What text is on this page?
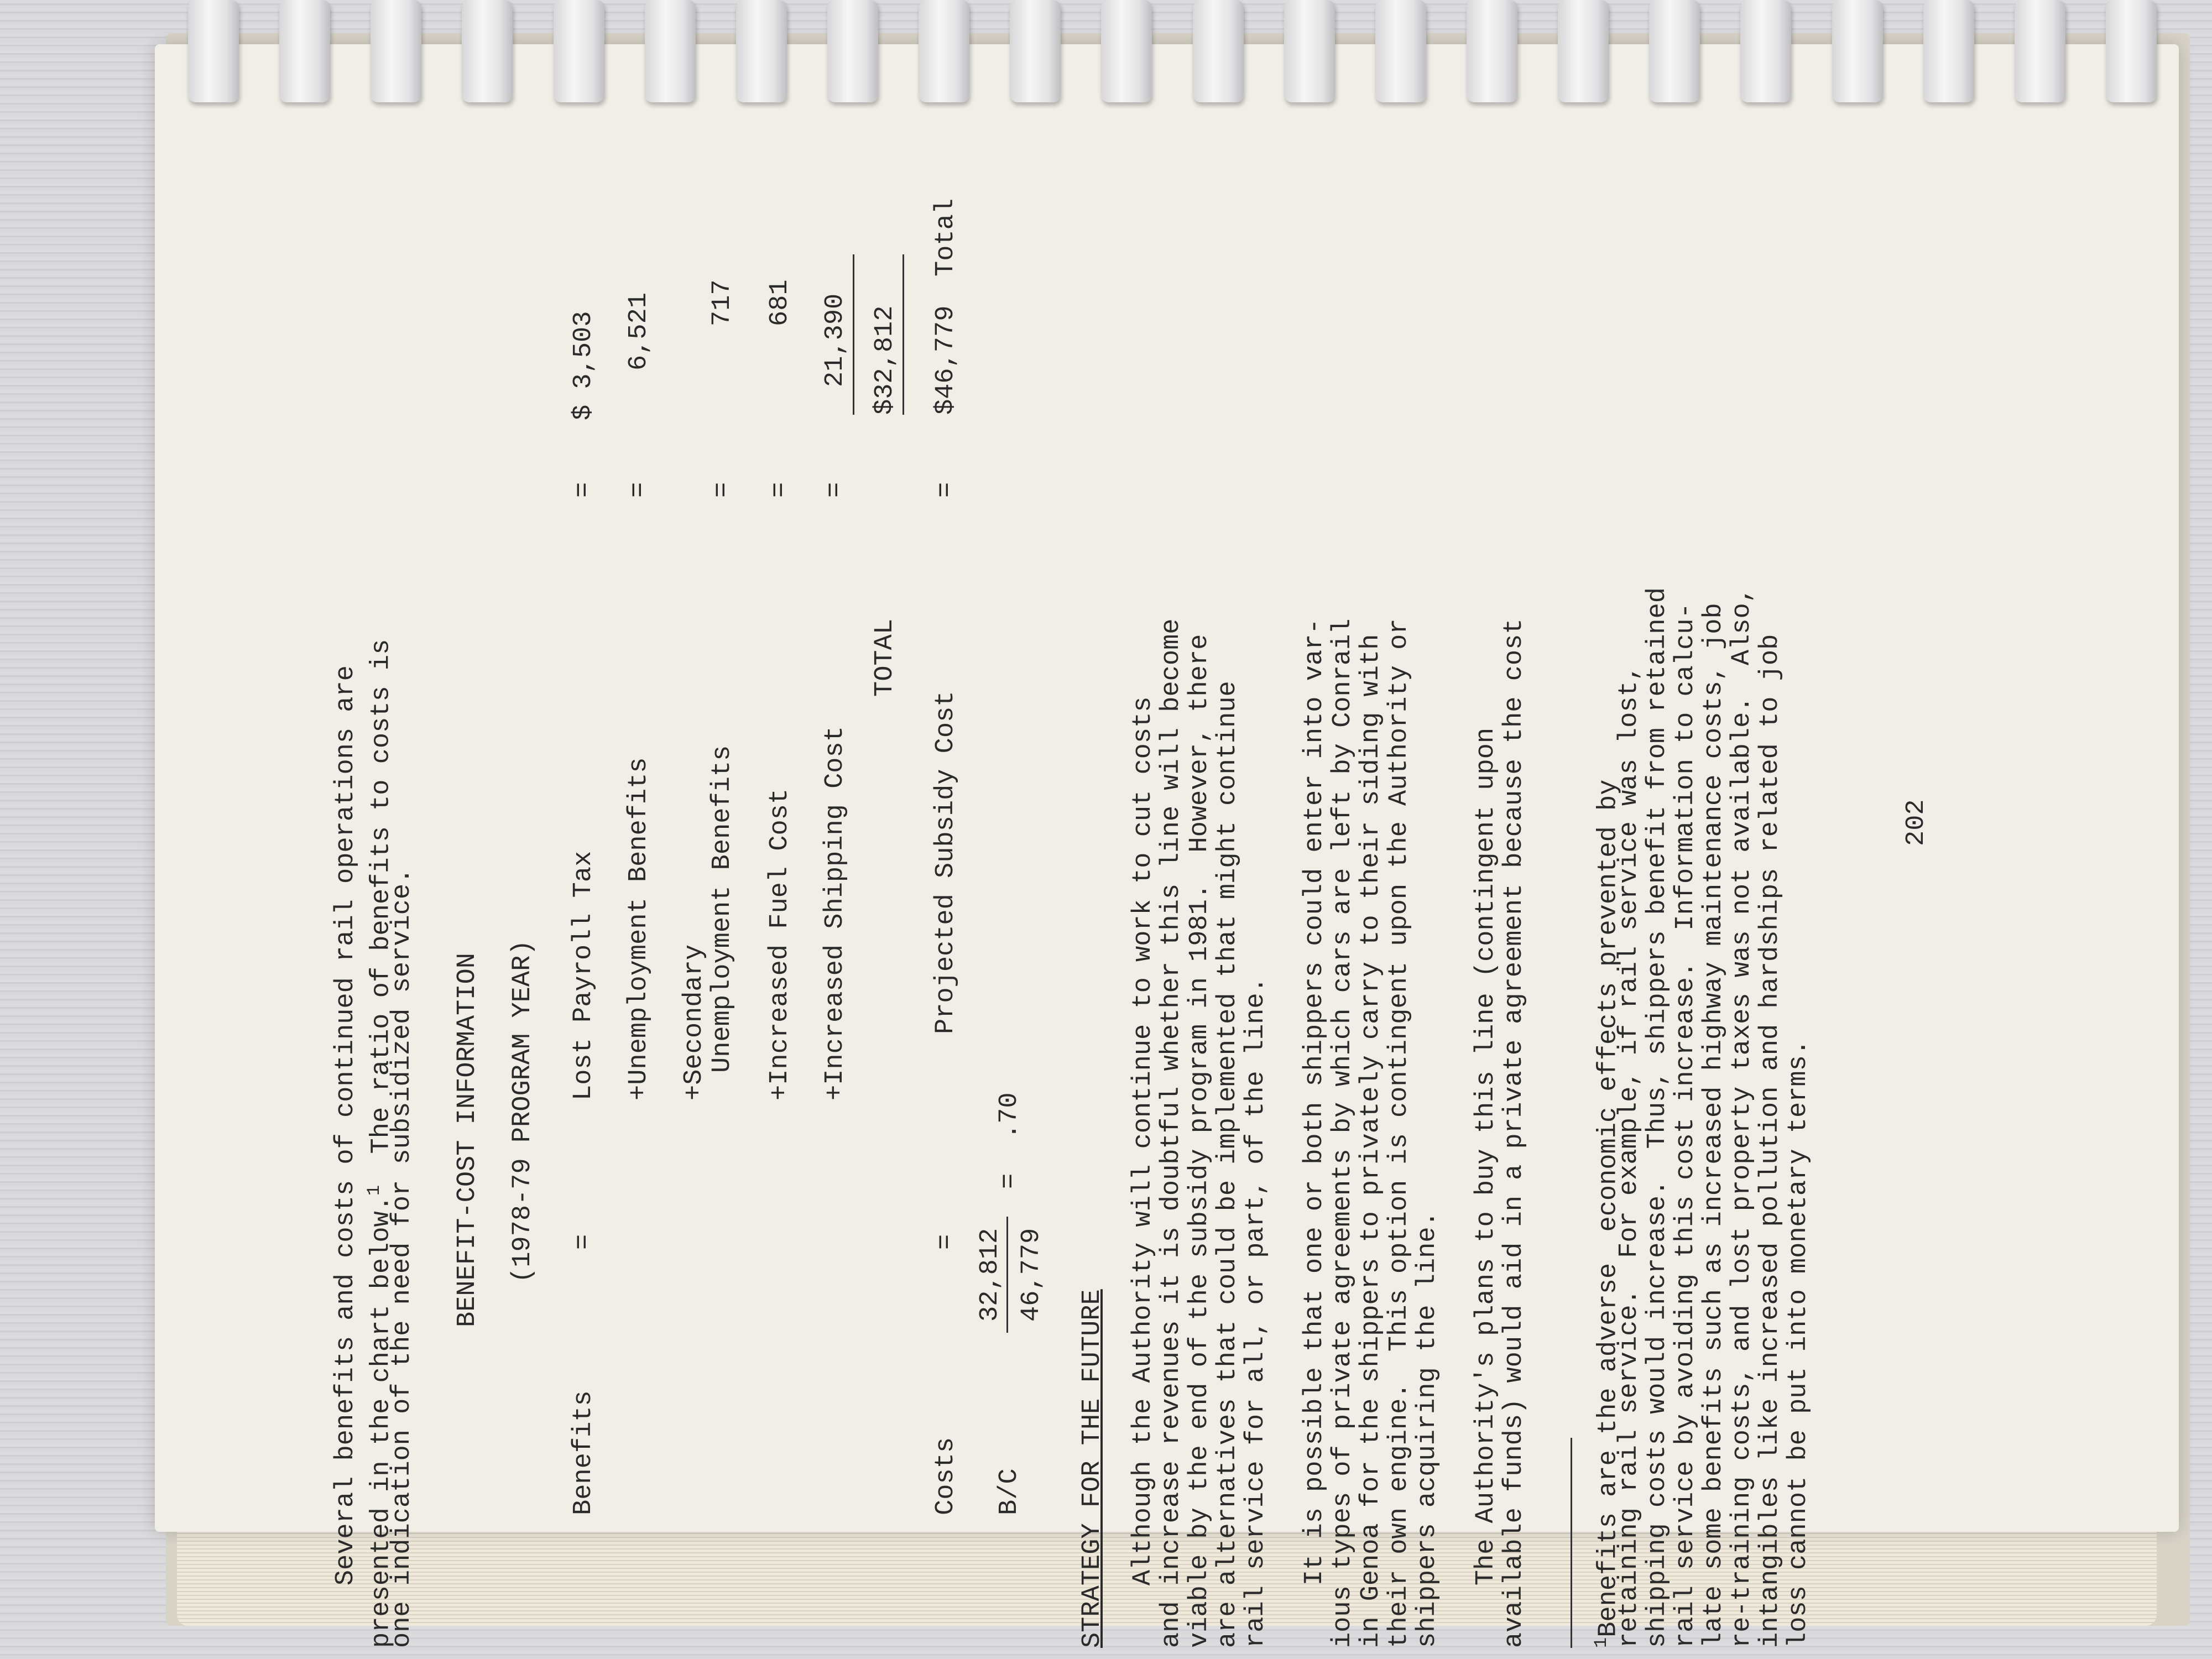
Several benefits and costs of continued rail operations are presented in the chart below.$^1$  The ratio of benefits to costs is
one indication of the need for subsidized service. BENEFIT-COST INFORMATION (1978-79 PROGRAM YEAR)
Benefits
=
Lost Payroll Tax
=
$ 3,503
+Unemployment Benefits
=
6,521
+Secondary
Unemployment Benefits
=
717
+Increased Fuel Cost
=
681
+Increased Shipping Cost
=
21,390
TOTAL
$32,812
Costs
=
Projected Subsidy Cost
=
$46,779
Total
B/C
32,812 46,779
=
.70
STRATEGY FOR THE FUTURE Although the Authority will continue to work to cut costs
and increase revenues it is doubtful whether this line will become
viable by the end of the subsidy program in 1981.  However, there
are alternatives that could be implemented that might continue
rail service for all, or part, of the line. It is possible that one or both shippers could enter into var-
ious types of private agreements by which cars are left by Conrail
in Genoa for the shippers to privately carry to their siding with
their own engine.  This option is contingent upon the Authority or
shippers acquiring the line. The Authority's plans to buy this line (contingent upon
available funds) would aid in a private agreement because the cost	$^1$Benefits are the adverse  economic effects prevented by
retaining rail service.  For example, if rail service was lost,
shipping costs would increase.  Thus, shippers benefit from retained
rail service by avoiding this cost increase.  Information to calcu-
late some benefits such as increased highway maintenance costs, job
re-training costs, and lost property taxes was not available.  Also,
intangibles like increased pollution and hardships related to job
loss cannot be put into monetary terms.
202
